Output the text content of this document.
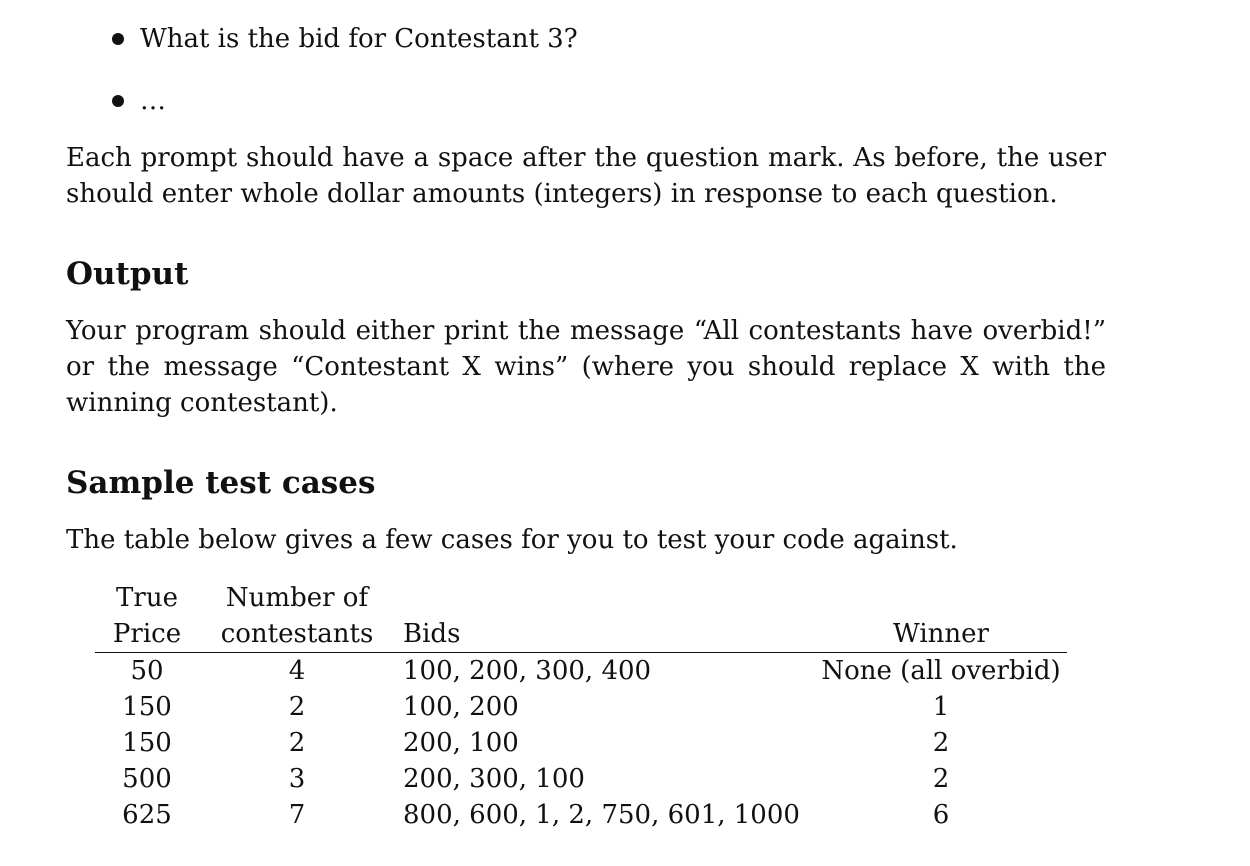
What is the bid for Contestant 3?
…

Each prompt should have a space after the question mark. As before, the user should enter whole dollar amounts (integers) in response to each question.

Output

Your program should either print the message “All contestants have overbid!” or the message “Contestant X wins” (where you should replace X with the winning contestant).

Sample test cases

The table below gives a few cases for you to test your code against.

True	Number of		
Price	contestants	Bids	Winner
50	4	100, 200, 300, 400	None (all overbid)
150	2	100, 200	1
150	2	200, 100	2
500	3	200, 300, 100	2
625	7	800, 600, 1, 2, 750, 601, 1000	6
